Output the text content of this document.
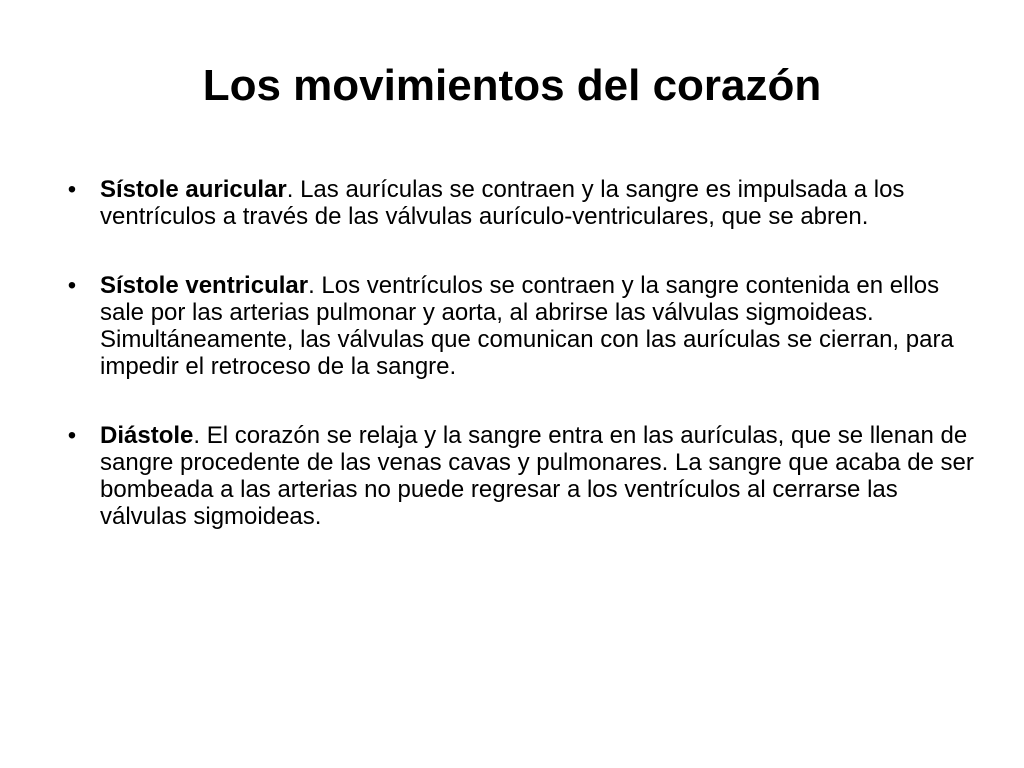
Los movimientos del corazón
• Sístole auricular. Las aurículas se contraen y la sangre es impulsada a los ventrículos a través de las válvulas aurículo-ventriculares, que se abren.
• Sístole ventricular. Los ventrículos se contraen y la sangre contenida en ellos sale por las arterias pulmonar y aorta, al abrirse las válvulas sigmoideas. Simultáneamente, las válvulas que comunican con las aurículas se cierran, para impedir el retroceso de la sangre.
• Diástole. El corazón se relaja y la sangre entra en las aurículas, que se llenan de sangre procedente de las venas cavas y pulmonares. La sangre que acaba de ser bombeada a las arterias no puede regresar a los ventrículos al cerrarse las válvulas sigmoideas.
